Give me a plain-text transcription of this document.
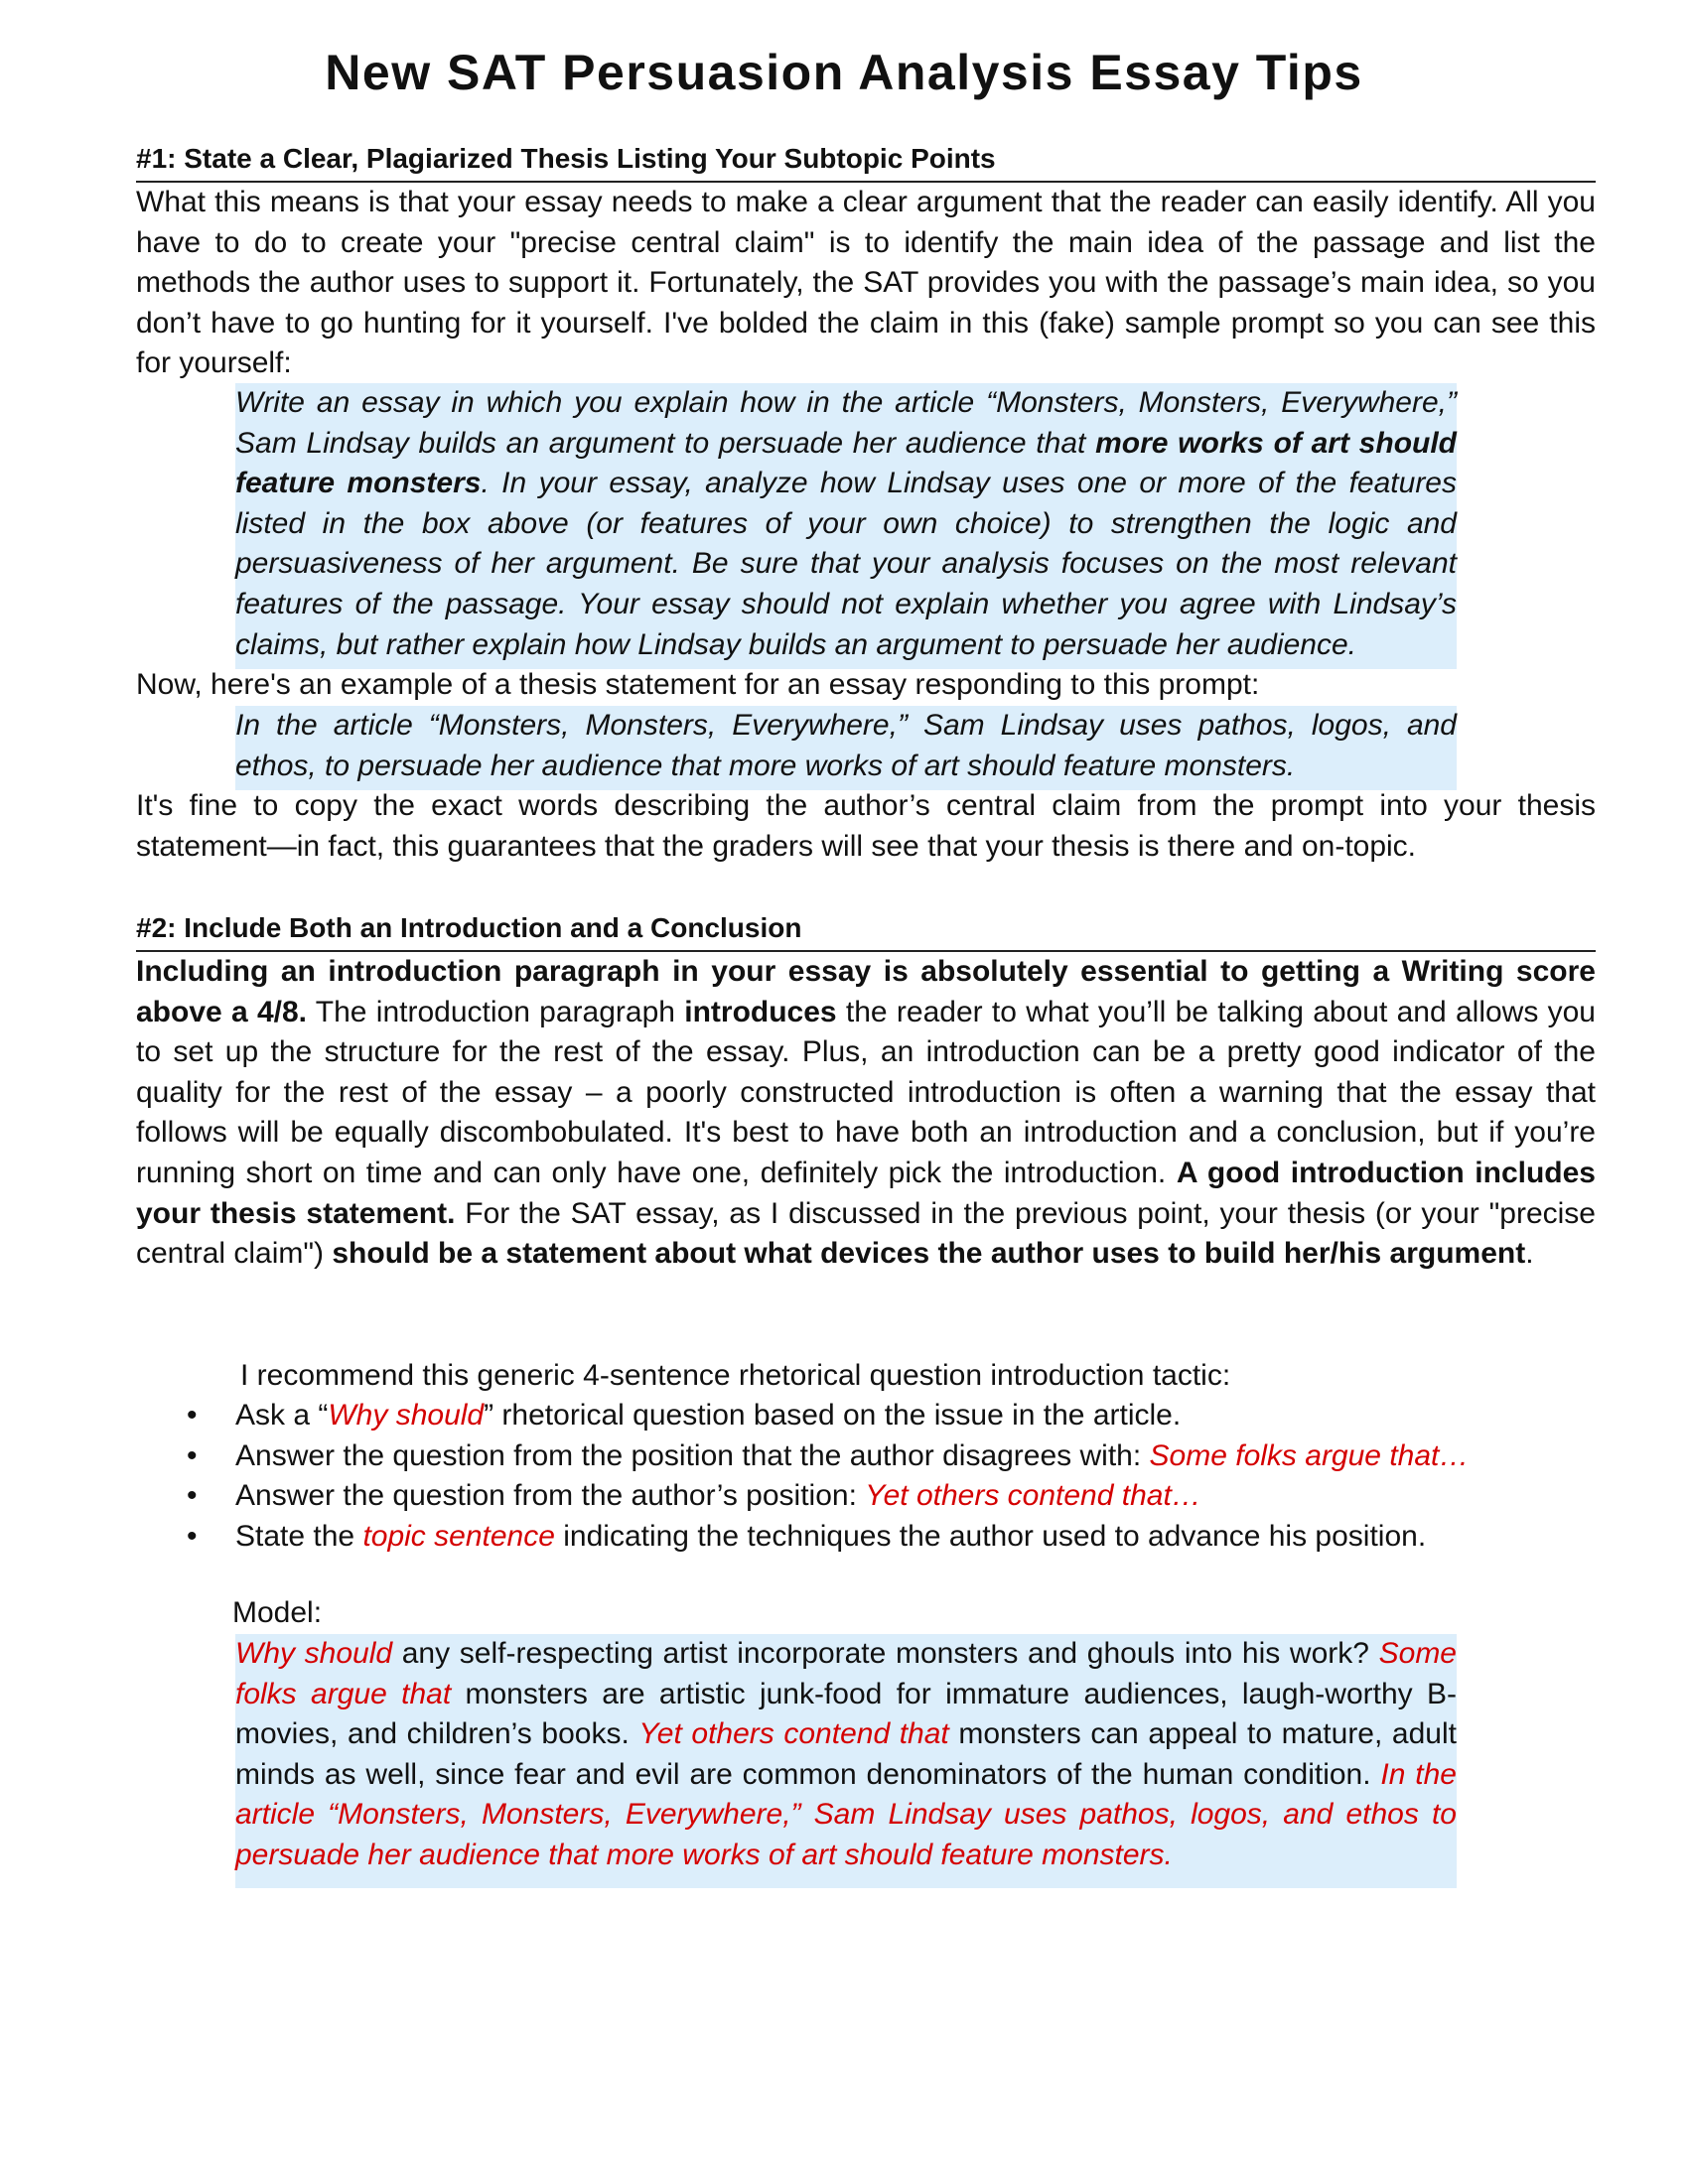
New SAT Persuasion Analysis Essay Tips
#1: State a Clear, Plagiarized Thesis Listing Your Subtopic Points

What this means is that your essay needs to make a clear argument that the reader can easily identify. All you have to do to create your "precise central claim" is to identify the main idea of the passage and list the methods the author uses to support it. Fortunately, the SAT provides you with the passage’s main idea, so you don’t have to go hunting for it yourself. I've bolded the claim in this (fake) sample prompt so you can see this for yourself:

Write an essay in which you explain how in the article “Monsters, Monsters, Everywhere,” Sam Lindsay builds an argument to persuade her audience that more works of art should feature monsters. In your essay, analyze how Lindsay uses one or more of the features listed in the box above (or features of your own choice) to strengthen the logic and persuasiveness of her argument. Be sure that your analysis focuses on the most relevant features of the passage. Your essay should not explain whether you agree with Lindsay’s claims, but rather explain how Lindsay builds an argument to persuade her audience.
Now, here's an example of a thesis statement for an essay responding to this prompt:
In the article “Monsters, Monsters, Everywhere,” Sam Lindsay uses pathos, logos, and ethos, to persuade her audience that more works of art should feature monsters.

It's fine to copy the exact words describing the author’s central claim from the prompt into your thesis statement—in fact, this guarantees that the graders will see that your thesis is there and on-topic.

#2: Include Both an Introduction and a Conclusion

Including an introduction paragraph in your essay is absolutely essential to getting a Writing score above a 4/8. The introduction paragraph introduces the reader to what you’ll be talking about and allows you to set up the structure for the rest of the essay. Plus, an introduction can be a pretty good indicator of the quality for the rest of the essay – a poorly constructed introduction is often a warning that the essay that follows will be equally discombobulated. It's best to have both an introduction and a conclusion, but if you’re running short on time and can only have one, definitely pick the introduction. A good introduction includes your thesis statement. For the SAT essay, as I discussed in the previous point, your thesis (or your "precise central claim") should be a statement about what devices the author uses to build her/his argument.

I recommend this generic 4-sentence rhetorical question introduction tactic:
• Ask a “Why should” rhetorical question based on the issue in the article.
• Answer the question from the position that the author disagrees with: Some folks argue that…
• Answer the question from the author’s position: Yet others contend that…
• State the topic sentence indicating the techniques the author used to advance his position.
Model:
Why should any self-respecting artist incorporate monsters and ghouls into his work? Some folks argue that monsters are artistic junk-food for immature audiences, laugh-worthy B-movies, and children’s books. Yet others contend that monsters can appeal to mature, adult minds as well, since fear and evil are common denominators of the human condition. In the article “Monsters, Monsters, Everywhere,” Sam Lindsay uses pathos, logos, and ethos to persuade her audience that more works of art should feature monsters.
